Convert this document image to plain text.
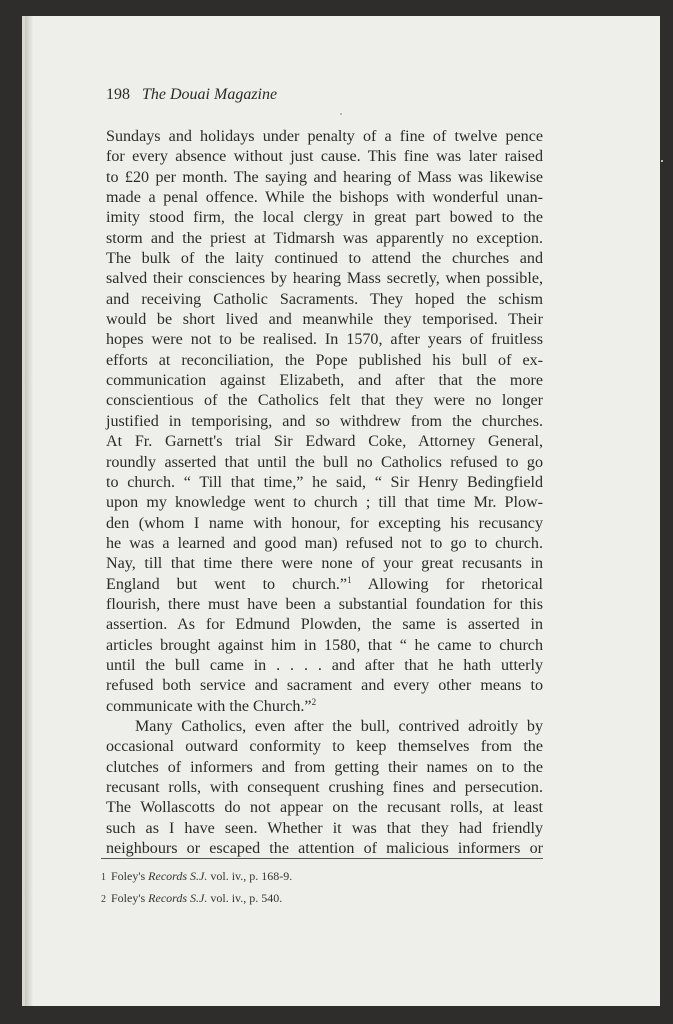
198 The Douai Magazine
Sundays and holidays under penalty of a fine of twelve pence
for every absence without just cause. This fine was later raised
to £20 per month. The saying and hearing of Mass was likewise
made a penal offence. While the bishops with wonderful unan-
imity stood firm, the local clergy in great part bowed to the
storm and the priest at Tidmarsh was apparently no exception.
The bulk of the laity continued to attend the churches and
salved their consciences by hearing Mass secretly, when possible,
and receiving Catholic Sacraments. They hoped the schism
would be short lived and meanwhile they temporised. Their
hopes were not to be realised. In 1570, after years of fruitless
efforts at reconciliation, the Pope published his bull of ex-
communication against Elizabeth, and after that the more
conscientious of the Catholics felt that they were no longer
justified in temporising, and so withdrew from the churches.
At Fr. Garnett's trial Sir Edward Coke, Attorney General,
roundly asserted that until the bull no Catholics refused to go
to church. “ Till that time,” he said, “ Sir Henry Bedingfield
upon my knowledge went to church ; till that time Mr. Plow-
den (whom I name with honour, for excepting his recusancy
he was a learned and good man) refused not to go to church.
Nay, till that time there were none of your great recusants in
England but went to church.”$^1$ Allowing for rhetorical
flourish, there must have been a substantial foundation for this
assertion. As for Edmund Plowden, the same is asserted in
articles brought against him in 1580, that “ he came to church
until the bull came in . . . . and after that he hath utterly
refused both service and sacrament and every other means to
communicate with the Church.”$^2$
Many Catholics, even after the bull, contrived adroitly by
occasional outward conformity to keep themselves from the
clutches of informers and from getting their names on to the
recusant rolls, with consequent crushing fines and persecution.
The Wollascotts do not appear on the recusant rolls, at least
such as I have seen. Whether it was that they had friendly
neighbours or escaped the attention of malicious informers or
1 Foley's Records S.J. vol. iv., p. 168-9.
2 Foley's Records S.J. vol. iv., p. 540.
